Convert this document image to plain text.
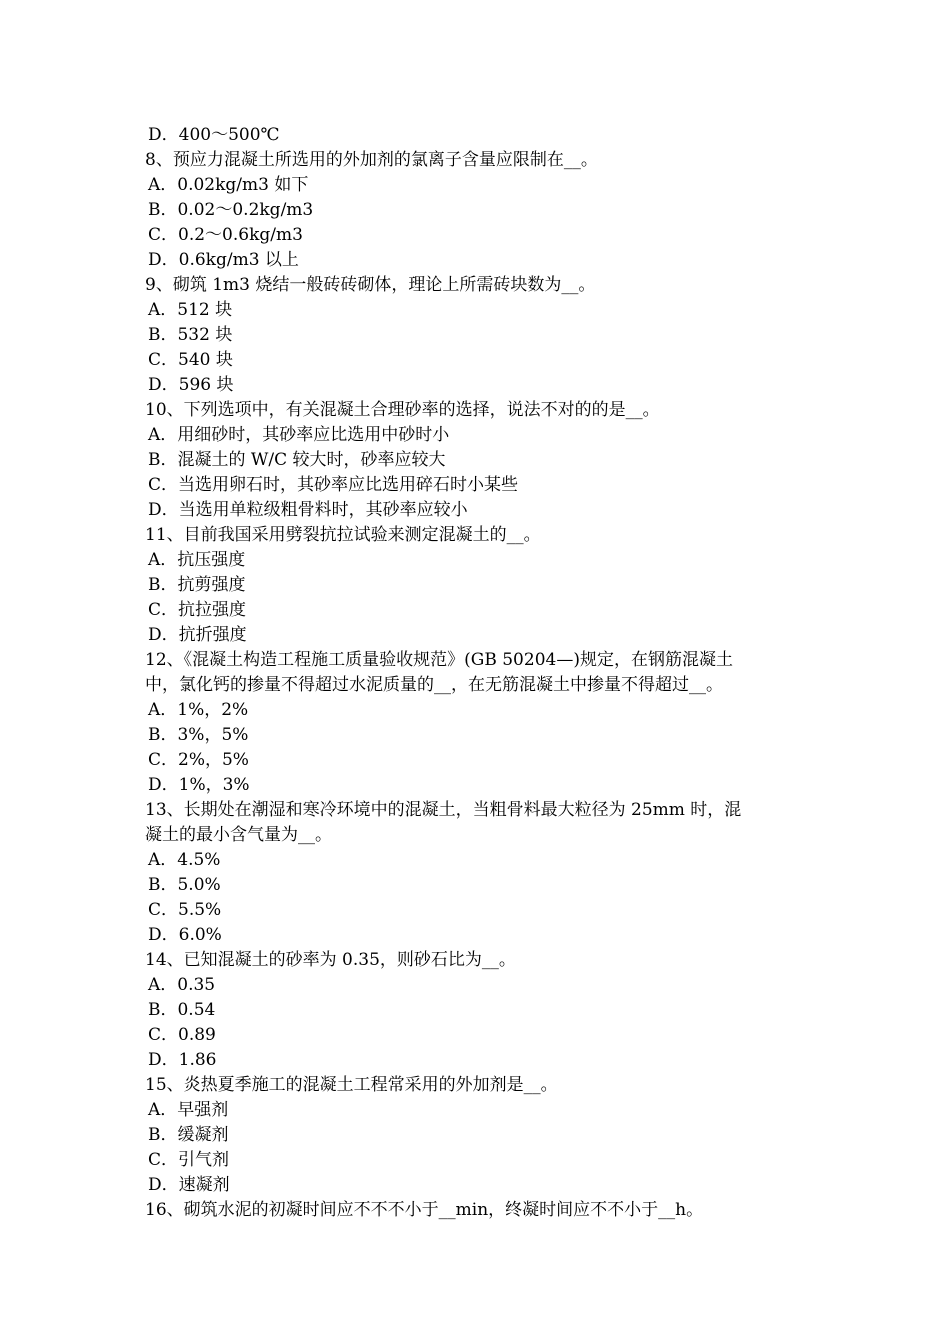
D．400～500℃
8、预应力混凝土所选用的外加剂的氯离子含量应限制在__。
A．0.02kg/m3 如下
B．0.02～0.2kg/m3
C．0.2～0.6kg/m3
D．0.6kg/m3 以上
9、砌筑 1m3 烧结一般砖砖砌体，理论上所需砖块数为__。
A．512 块
B．532 块
C．540 块
D．596 块
10、下列选项中，有关混凝土合理砂率的选择，说法不对的的是__。
A．用细砂时，其砂率应比选用中砂时小
B．混凝土的 W/C 较大时，砂率应较大
C．当选用卵石时，其砂率应比选用碎石时小某些
D．当选用单粒级粗骨料时，其砂率应较小
11、目前我国采用劈裂抗拉试验来测定混凝土的__。
A．抗压强度
B．抗剪强度
C．抗拉强度
D．抗折强度
12、《混凝土构造工程施工质量验收规范》(GB 50204—)规定，在钢筋混凝土
中，氯化钙的掺量不得超过水泥质量的__，在无筋混凝土中掺量不得超过__。
A．1%，2%
B．3%，5%
C．2%，5%
D．1%，3%
13、长期处在潮湿和寒冷环境中的混凝土，当粗骨料最大粒径为 25mm 时，混
凝土的最小含气量为__。
A．4.5%
B．5.0%
C．5.5%
D．6.0%
14、已知混凝土的砂率为 0.35，则砂石比为__。
A．0.35
B．0.54
C．0.89
D．1.86
15、炎热夏季施工的混凝土工程常采用的外加剂是__。
A．早强剂
B．缓凝剂
C．引气剂
D．速凝剂
16、砌筑水泥的初凝时间应不不不小于__min，终凝时间应不不小于__h。
